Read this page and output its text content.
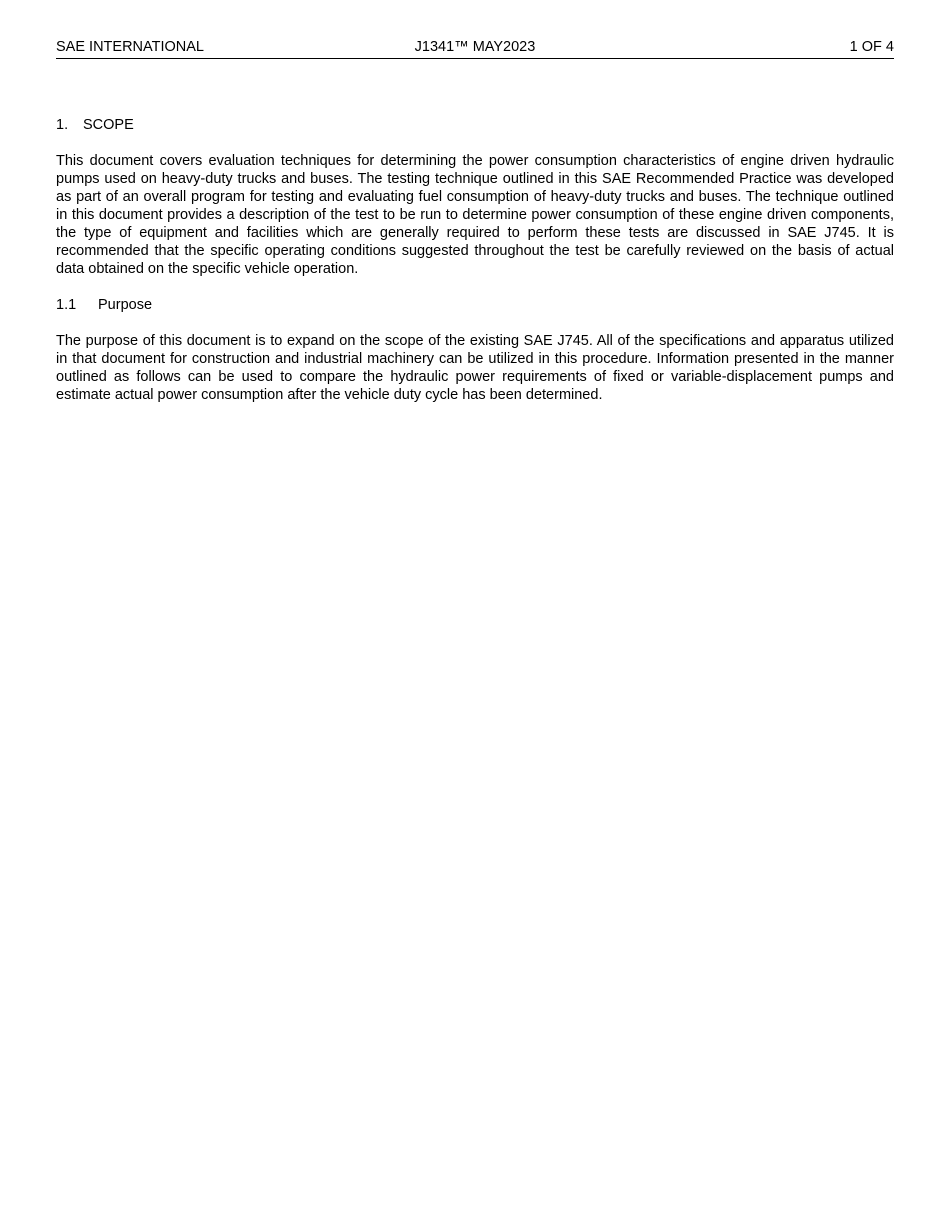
SAE INTERNATIONAL	J1341™ MAY2023	1 OF 4
1. SCOPE

This document covers evaluation techniques for determining the power consumption characteristics of engine driven hydraulic pumps used on heavy-duty trucks and buses. The testing technique outlined in this SAE Recommended Practice was developed as part of an overall program for testing and evaluating fuel consumption of heavy-duty trucks and buses. The technique outlined in this document provides a description of the test to be run to determine power consumption of these engine driven components, the type of equipment and facilities which are generally required to perform these tests are discussed in SAE J745. It is recommended that the specific operating conditions suggested throughout the test be carefully reviewed on the basis of actual data obtained on the specific vehicle operation.

1.1 Purpose

The purpose of this document is to expand on the scope of the existing SAE J745. All of the specifications and apparatus utilized in that document for construction and industrial machinery can be utilized in this procedure. Information presented in the manner outlined as follows can be used to compare the hydraulic power requirements of fixed or variable-displacement pumps and estimate actual power consumption after the vehicle duty cycle has been determined.
